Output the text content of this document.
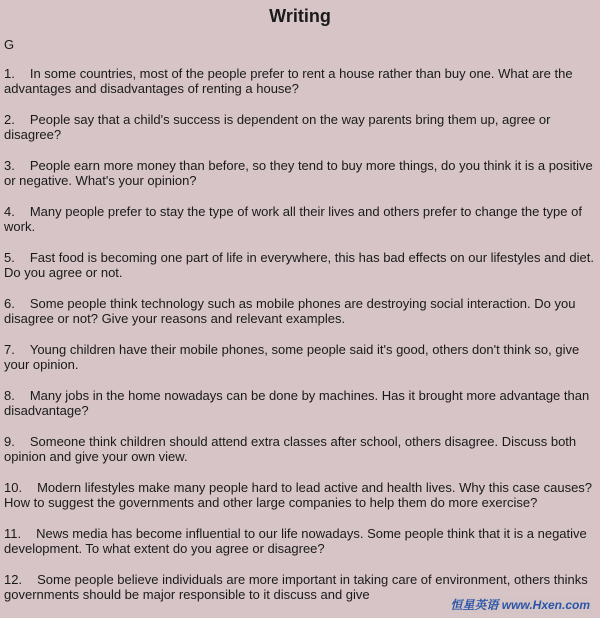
Writing
G
1. In some countries, most of the people prefer to rent a house rather than buy one. What are the advantages and disadvantages of renting a house?
2. People say that a child's success is dependent on the way parents bring them up, agree or disagree?
3. People earn more money than before, so they tend to buy more things, do you think it is a positive or negative. What's your opinion?
4. Many people prefer to stay the type of work all their lives and others prefer to change the type of work.
5. Fast food is becoming one part of life in everywhere, this has bad effects on our lifestyles and diet. Do you agree or not.
6. Some people think technology such as mobile phones are destroying social interaction. Do you disagree or not? Give your reasons and relevant examples.
7. Young children have their mobile phones, some people said it's good, others don't think so, give your opinion.
8. Many jobs in the home nowadays can be done by machines. Has it brought more advantage than disadvantage?
9. Someone think children should attend extra classes after school, others disagree. Discuss both opinion and give your own view.
10. Modern lifestyles make many people hard to lead active and health lives. Why this case causes? How to suggest the governments and other large companies to help them do more exercise?
11. News media has become influential to our life nowadays. Some people think that it is a negative development. To what extent do you agree or disagree?
12. Some people believe individuals are more important in taking care of environment, others thinks governments should be major responsible to it discuss and give
恒星英语 www.Hxen.com
